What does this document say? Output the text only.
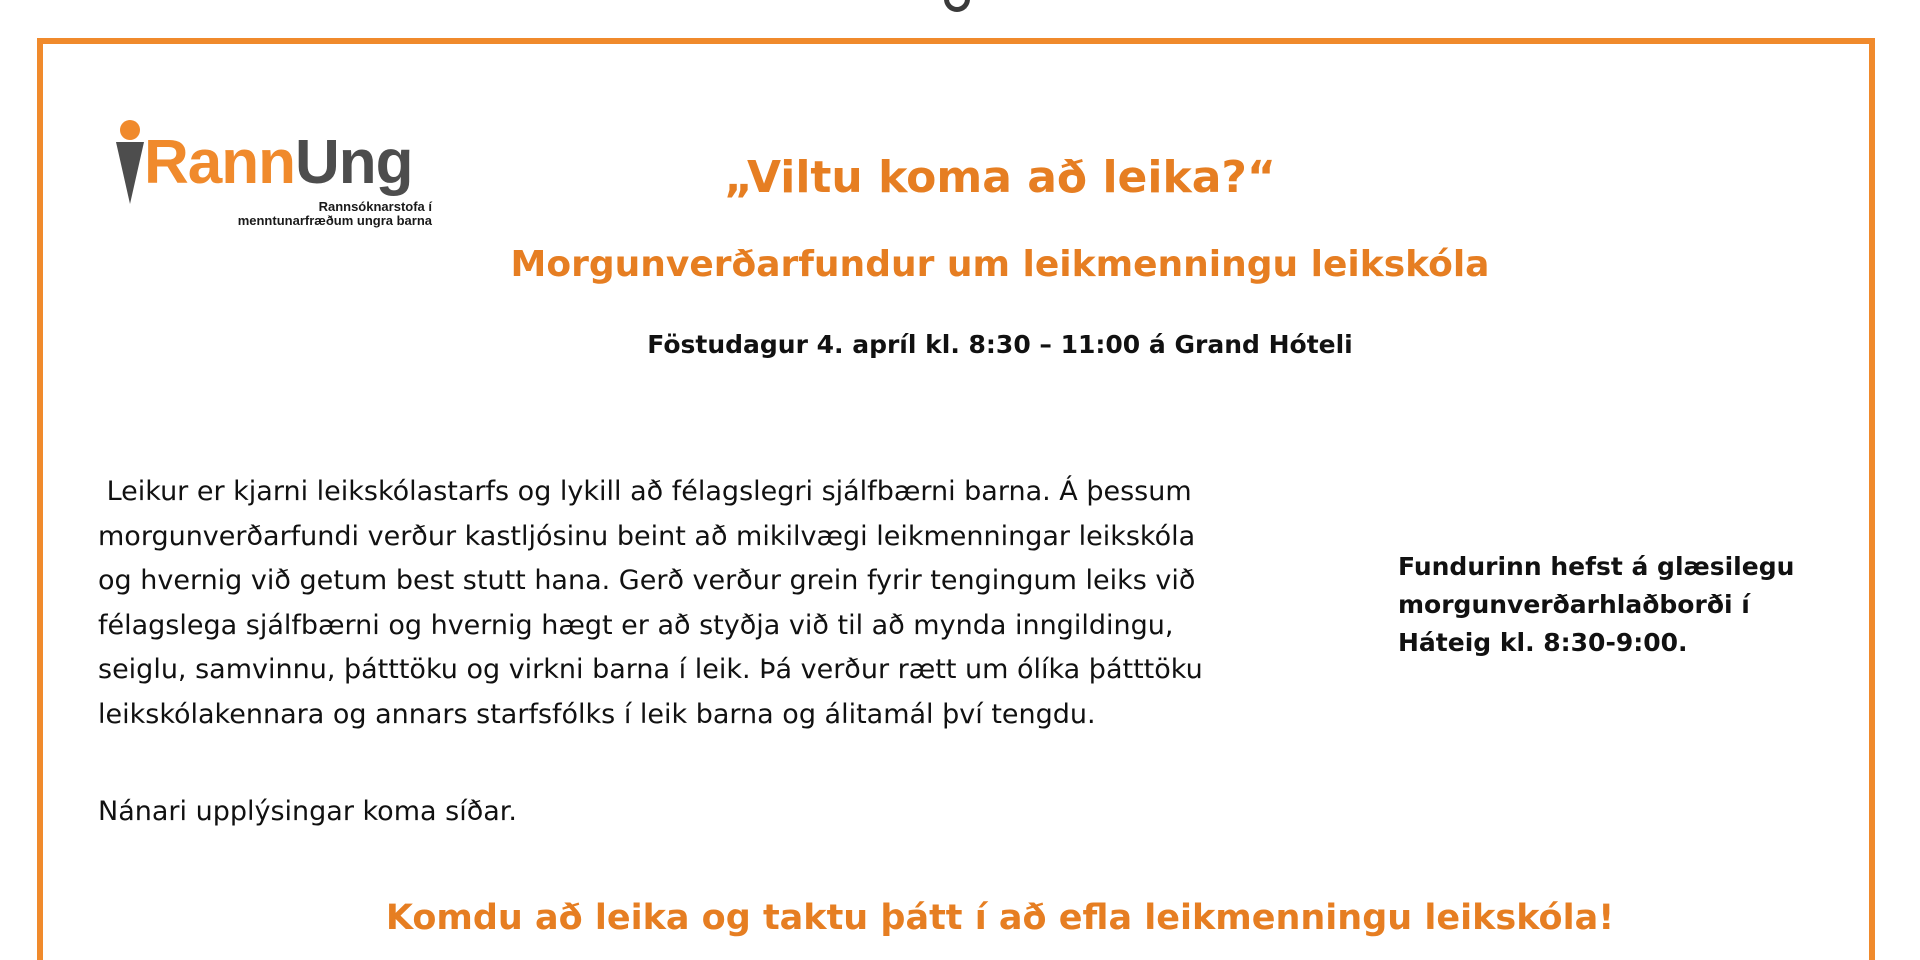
RannUng
Rannsóknarstofa í
menntunarfræðum ungra barna
„Viltu koma að leika?“
Morgunverðarfundur um leikmenningu leikskóla
Föstudagur 4. apríl kl. 8:30 – 11:00 á Grand Hóteli
Leikur er kjarni leikskólastarfs og lykill að félagslegri sjálfbærni barna. Á þessum
morgunverðarfundi verður kastljósinu beint að mikilvægi leikmenningar leikskóla
og hvernig við getum best stutt hana. Gerð verður grein fyrir tengingum leiks við
félagslega sjálfbærni og hvernig hægt er að styðja við til að mynda inngildingu,
seiglu, samvinnu, þátttöku og virkni barna í leik. Þá verður rætt um ólíka þátttöku
leikskólakennara og annars starfsfólks í leik barna og álitamál því tengdu.
Nánari upplýsingar koma síðar.
Fundurinn hefst á glæsilegu
morgunverðarhlaðborði í
Háteig kl. 8:30-9:00.
Komdu að leika og taktu þátt í að efla leikmenningu leikskóla!
